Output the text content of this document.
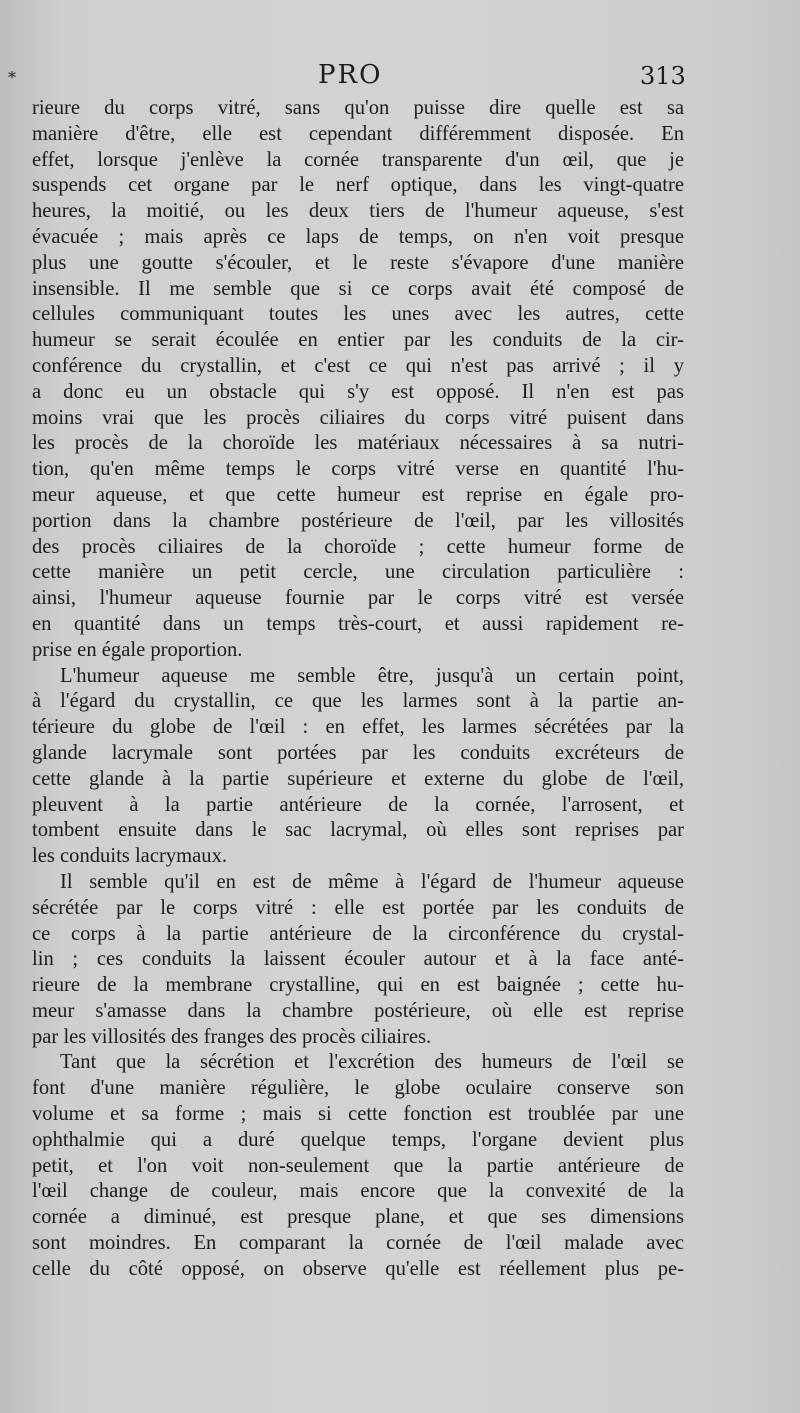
*	PRO	313
rieure du corps vitré, sans qu'on puisse dire quelle est sa
manière d'être, elle est cependant différemment disposée. En
effet, lorsque j'enlève la cornée transparente d'un œil, que je
suspends cet organe par le nerf optique, dans les vingt-quatre
heures, la moitié, ou les deux tiers de l'humeur aqueuse, s'est
évacuée ; mais après ce laps de temps, on n'en voit presque
plus une goutte s'écouler, et le reste s'évapore d'une manière
insensible. Il me semble que si ce corps avait été composé de
cellules communiquant toutes les unes avec les autres, cette
humeur se serait écoulée en entier par les conduits de la cir-
conférence du crystallin, et c'est ce qui n'est pas arrivé ; il y
a donc eu un obstacle qui s'y est opposé. Il n'en est pas
moins vrai que les procès ciliaires du corps vitré puisent dans
les procès de la choroïde les matériaux nécessaires à sa nutri-
tion, qu'en même temps le corps vitré verse en quantité l'hu-
meur aqueuse, et que cette humeur est reprise en égale pro-
portion dans la chambre postérieure de l'œil, par les villosités
des procès ciliaires de la choroïde ; cette humeur forme de
cette manière un petit cercle, une circulation particulière :
ainsi, l'humeur aqueuse fournie par le corps vitré est versée
en quantité dans un temps très-court, et aussi rapidement re-
prise en égale proportion.
L'humeur aqueuse me semble être, jusqu'à un certain point,
à l'égard du crystallin, ce que les larmes sont à la partie an-
térieure du globe de l'œil : en effet, les larmes sécrétées par la
glande lacrymale sont portées par les conduits excréteurs de
cette glande à la partie supérieure et externe du globe de l'œil,
pleuvent à la partie antérieure de la cornée, l'arrosent, et
tombent ensuite dans le sac lacrymal, où elles sont reprises par
les conduits lacrymaux.
Il semble qu'il en est de même à l'égard de l'humeur aqueuse
sécrétée par le corps vitré : elle est portée par les conduits de
ce corps à la partie antérieure de la circonférence du crystal-
lin ; ces conduits la laissent écouler autour et à la face anté-
rieure de la membrane crystalline, qui en est baignée ; cette hu-
meur s'amasse dans la chambre postérieure, où elle est reprise
par les villosités des franges des procès ciliaires.
Tant que la sécrétion et l'excrétion des humeurs de l'œil se
font d'une manière régulière, le globe oculaire conserve son
volume et sa forme ; mais si cette fonction est troublée par une
ophthalmie qui a duré quelque temps, l'organe devient plus
petit, et l'on voit non-seulement que la partie antérieure de
l'œil change de couleur, mais encore que la convexité de la
cornée a diminué, est presque plane, et que ses dimensions
sont moindres. En comparant la cornée de l'œil malade avec
celle du côté opposé, on observe qu'elle est réellement plus pe-
